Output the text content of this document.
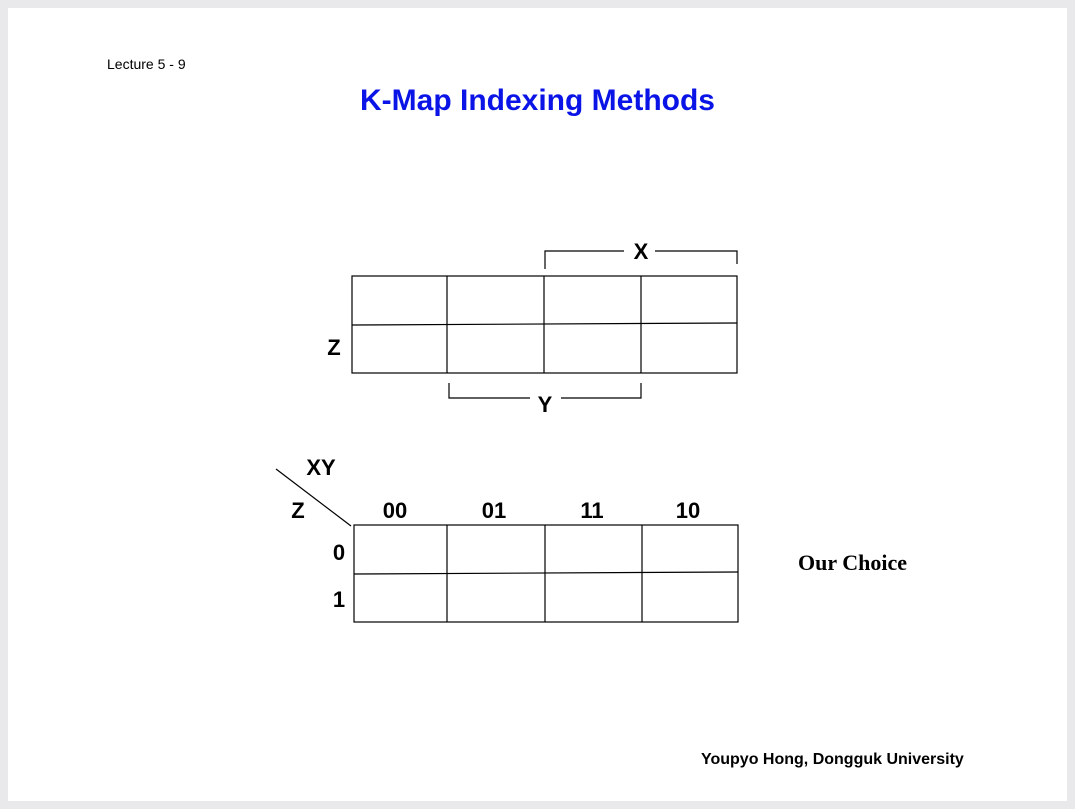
Lecture 5 - 9
K-Map Indexing Methods
X
Z
Y
XY
Z	00	01	11	10
0
1
Our Choice
Youpyo Hong, Dongguk University
